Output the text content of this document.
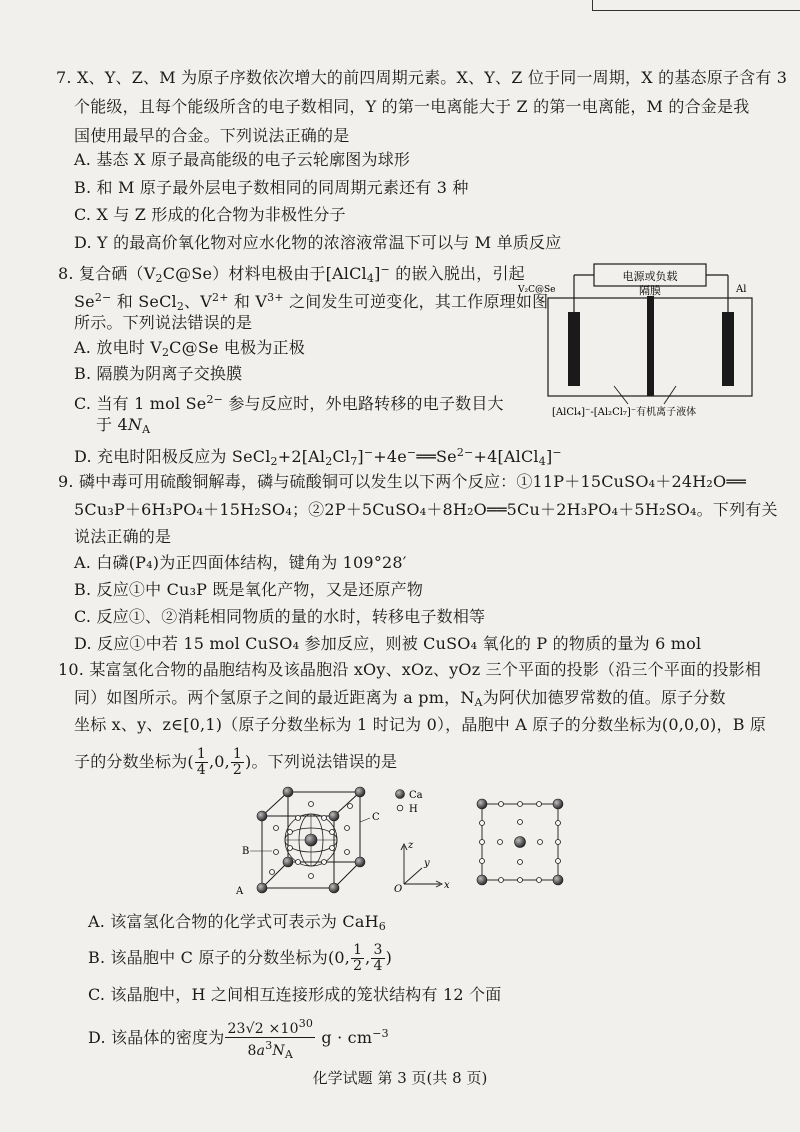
7. X、Y、Z、M 为原子序数依次增大的前四周期元素。X、Y、Z 位于同一周期，X 的基态原子含有 3
个能级，且每个能级所含的电子数相同，Y 的第一电离能大于 Z 的第一电离能，M 的合金是我
国使用最早的合金。下列说法正确的是
A. 基态 X 原子最高能级的电子云轮廓图为球形
B. 和 M 原子最外层电子数相同的同周期元素还有 3 种
C. X 与 Z 形成的化合物为非极性分子
D. Y 的最高价氧化物对应水化物的浓溶液常温下可以与 M 单质反应
8. 复合硒$(V_2C@Se)$材料电极由于[AlCl$_4$]− 的嵌入脱出，引起
$Se^{2-}$ 和 SeCl$_2$、$V^{2+}$ 和 $V^{3+}$ 之间发生可逆变化，其工作原理如图
所示。下列说法错误的是
A. 放电时 $V_2C@Se$ 电极为正极
B. 隔膜为阴离子交换膜
C. 当有 1 mol $Se^{2-}$ 参与反应时，外电路转移的电子数目大
于 $4N_A$
D. 充电时阳极反应为 $SeCl_2+2[Al_2Cl_7]^-+4e^-══Se^{2-}+4[AlCl_4]^-$
电源或负载
隔膜
V₂C@Se	Al
[AlCl₄]⁻-[Al₂Cl₇]⁻有机离子液体
9. 磷中毒可用硫酸铜解毒，磷与硫酸铜可以发生以下两个反应：①11P＋15CuSO₄＋24H₂O══
5Cu₃P＋6H₃PO₄＋15H₂SO₄；②2P＋5CuSO₄＋8H₂O══5Cu＋2H₃PO₄＋5H₂SO₄。下列有关
说法正确的是
A. 白磷(P₄)为正四面体结构，键角为 109°28′
B. 反应①中 Cu₃P 既是氧化产物，又是还原产物
C. 反应①、②消耗相同物质的量的水时，转移电子数相等
D. 反应①中若 15 mol CuSO₄ 参加反应，则被 CuSO₄ 氧化的 P 的物质的量为 6 mol
10. 某富氢化合物的晶胞结构及该晶胞沿 xOy、xOz、yOz 三个平面的投影（沿三个平面的投影相
同）如图所示。两个氢原子之间的最近距离为 a pm，$N_A$为阿伏加德罗常数的值。原子分数
坐标 x、y、z∈[0,1)（原子分数坐标为 1 时记为 0），晶胞中 A 原子的分数坐标为(0,0,0)，B 原
子的分数坐标为( $\frac{1}{4} ,0$, $\frac{1}{2}$ )。下列说法错误的是
B
A
C
Ca
H
O	x
y
z
A. 该富氢化合物的化学式可表示为 CaH$_6$
B. 该晶胞中 C 原子的分数坐标为(0, $\frac{1}{2}$ , $\frac{3}{4}$ )
C. 该晶胞中，H 之间相互连接形成的笼状结构有 12 个面
D. 该晶体的密度为 $\frac{23√2 \times 10^{30}}{8a^3N_A}$ $g \cdot cm^{-3}$
化学试题 第 3 页(共 8 页)
